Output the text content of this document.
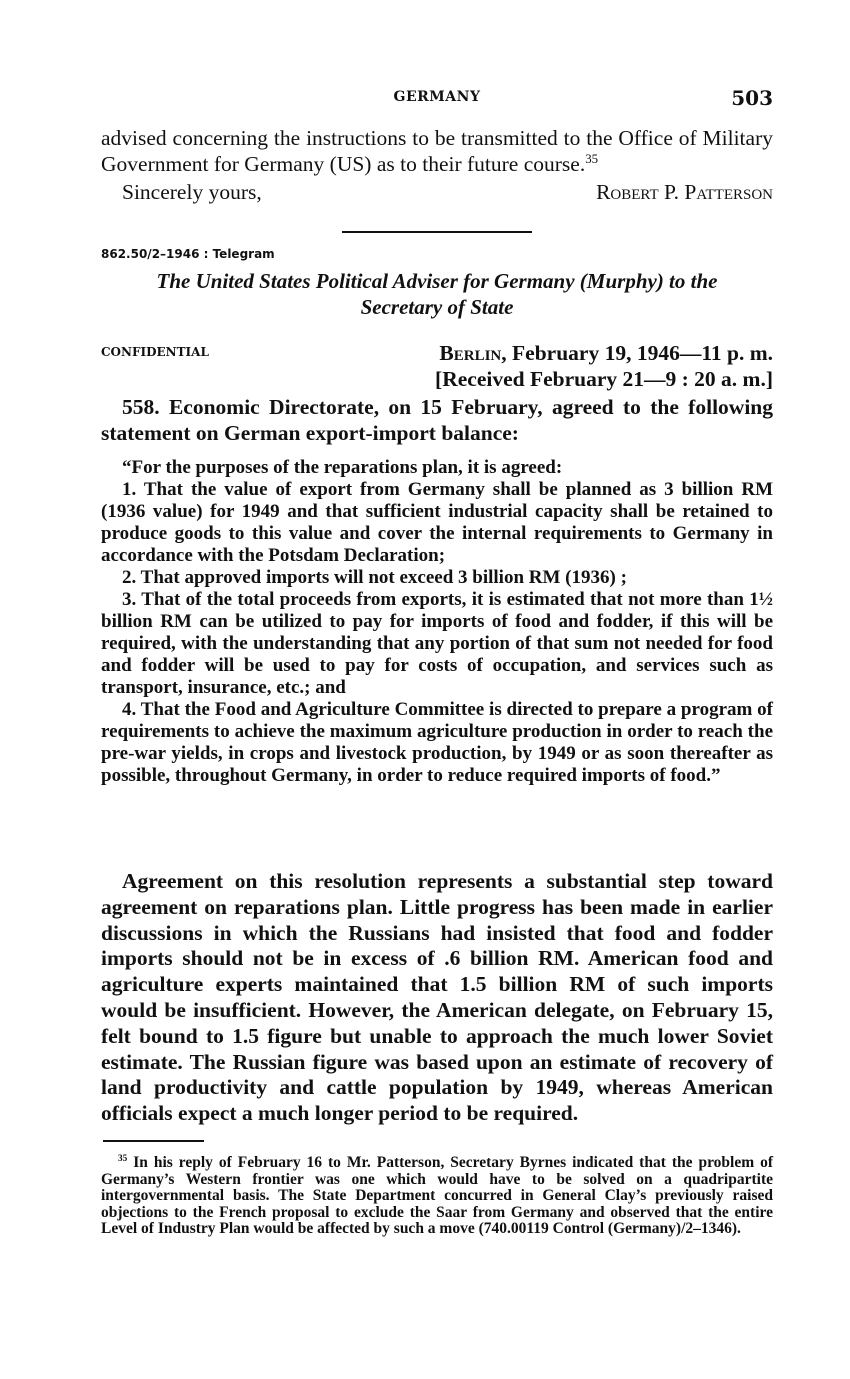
GERMANY	503

advised concerning the instructions to be transmitted to the Office of Military Government for Germany (US) as to their future course.$^{35}$

Sincerely yours,	Robert P. Patterson
862.50/2–1946 : Telegram
The United States Political Adviser for Germany (Murphy) to the
Secretary of State
CONFIDENTIAL	Berlin, February 19, 1946—11 p. m.
[Received February 21—9 : 20 a. m.]

558. Economic Directorate, on 15 February, agreed to the following statement on German export-import balance:

“For the purposes of the reparations plan, it is agreed:

1. That the value of export from Germany shall be planned as 3 billion RM (1936 value) for 1949 and that sufficient industrial capacity shall be retained to produce goods to this value and cover the internal requirements to Germany in accordance with the Potsdam Declaration;

2. That approved imports will not exceed 3 billion RM (1936) ;

3. That of the total proceeds from exports, it is estimated that not more than 1½ billion RM can be utilized to pay for imports of food and fodder, if this will be required, with the understanding that any portion of that sum not needed for food and fodder will be used to pay for costs of occupation, and services such as transport, insurance, etc.; and

4. That the Food and Agriculture Committee is directed to prepare a program of requirements to achieve the maximum agriculture production in order to reach the pre-war yields, in crops and livestock production, by 1949 or as soon thereafter as possible, throughout Germany, in order to reduce required imports of food.”

Agreement on this resolution represents a substantial step toward agreement on reparations plan. Little progress has been made in earlier discussions in which the Russians had insisted that food and fodder imports should not be in excess of .6 billion RM. American food and agriculture experts maintained that 1.5 billion RM of such imports would be insufficient. However, the American delegate, on February 15, felt bound to 1.5 figure but unable to approach the much lower Soviet estimate. The Russian figure was based upon an estimate of recovery of land productivity and cattle population by 1949, whereas American officials expect a much longer period to be required.

$^{35}$ In his reply of February 16 to Mr. Patterson, Secretary Byrnes indicated that the problem of Germany’s Western frontier was one which would have to be solved on a quadripartite intergovernmental basis. The State Department concurred in General Clay’s previously raised objections to the French proposal to exclude the Saar from Germany and observed that the entire Level of Industry Plan would be affected by such a move (740.00119 Control (Germany)/2–1346).
